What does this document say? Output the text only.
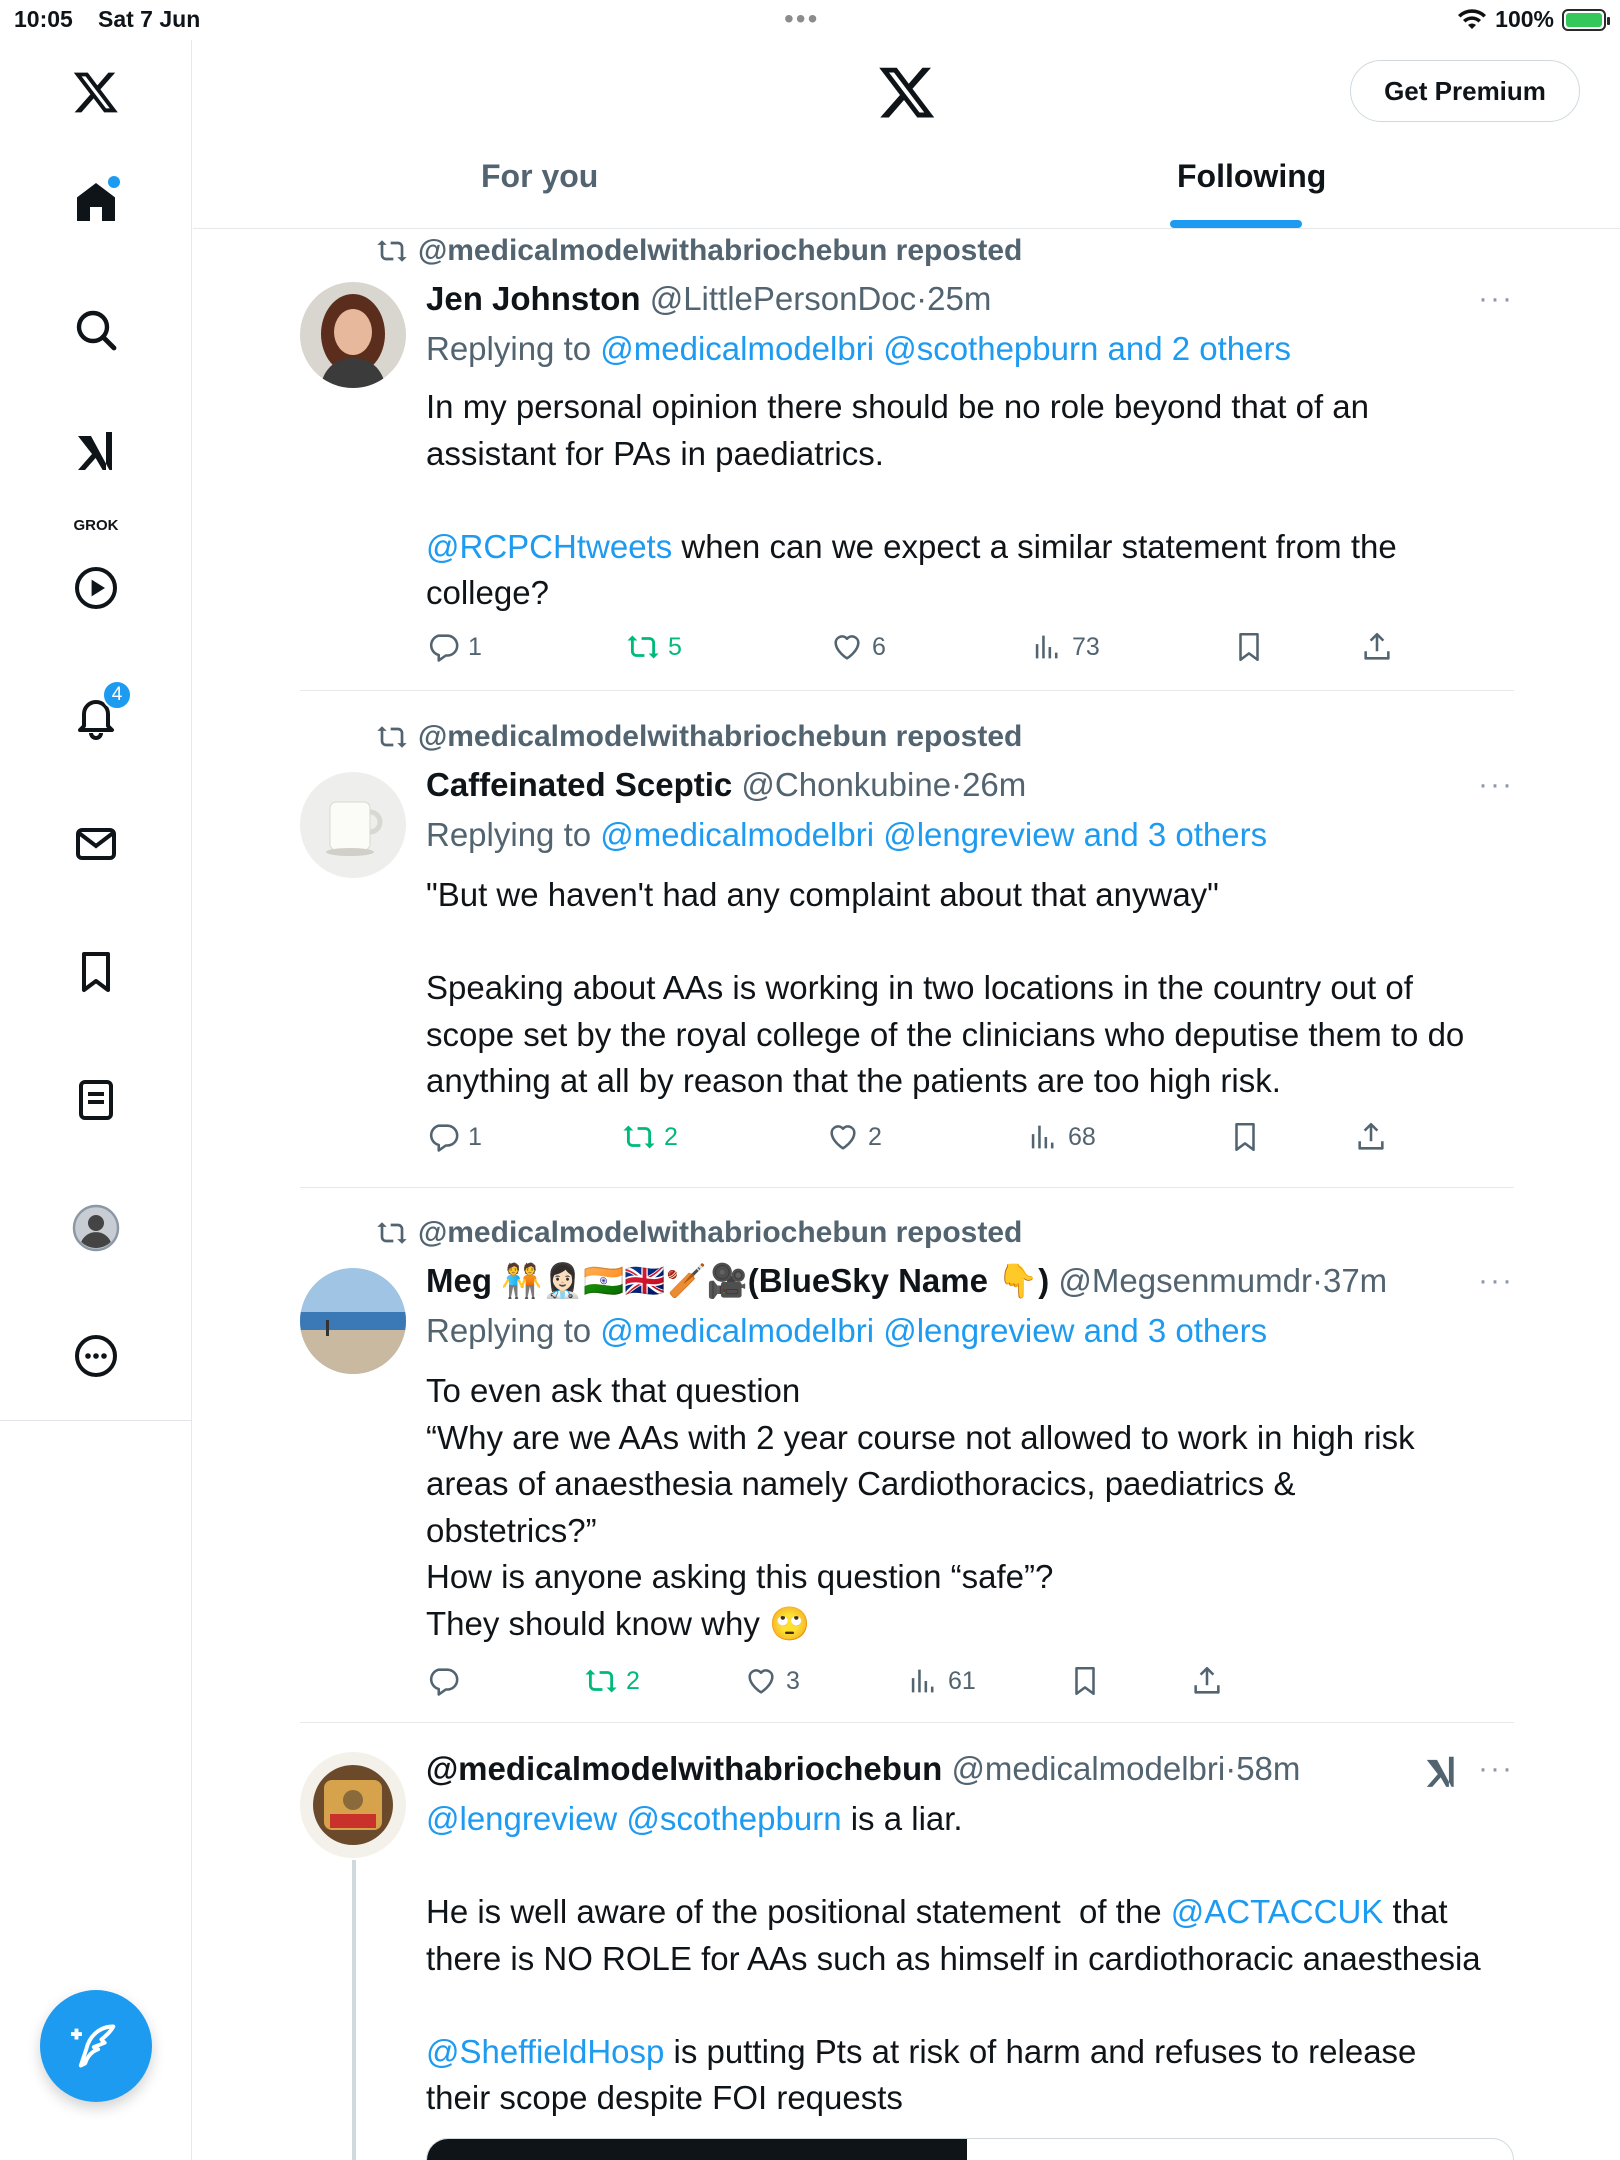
10:05 Sat 7 Jun	•••	100%
GROK
4
Get Premium
For you	Following
@medicalmodelwithabriochebun reposted
Jen Johnston @LittlePersonDoc·25m	···
Replying to @medicalmodelbri @scothepburn and 2 others

In my personal opinion there should be no role beyond that of an

assistant for PAs in paediatrics.

@RCPCHtweets when can we expect a similar statement from the

college?

1	5	6	73
@medicalmodelwithabriochebun reposted
Caffeinated Sceptic @Chonkubine·26m	···
Replying to @medicalmodelbri @lengreview and 3 others

"But we haven't had any complaint about that anyway"

Speaking about AAs is working in two locations in the country out of

scope set by the royal college of the clinicians who deputise them to do

anything at all by reason that the patients are too high risk.

1	2	2	68
@medicalmodelwithabriochebun reposted
Meg 🧑‍🤝‍🧑👩🏻‍⚕️🇮🇳🇬🇧🏏🎥(BlueSky Name 👇) @Megsenmumdr·37m	···
Replying to @medicalmodelbri @lengreview and 3 others

To even ask that question

“Why are we AAs with 2 year course not allowed to work in high risk

areas of anaesthesia namely Cardiothoracics, paediatrics &

obstetrics?”

How is anyone asking this question “safe”?

They should know why 🙄

2	3	61
@medicalmodelwithabriochebun @medicalmodelbri·58m	···

@lengreview @scothepburn is a liar.

He is well aware of the positional statement  of the @ACTACCUK that

there is NO ROLE for AAs such as himself in cardiothoracic anaesthesia

@SheffieldHosp is putting Pts at risk of harm and refuses to release

their scope despite FOI requests
